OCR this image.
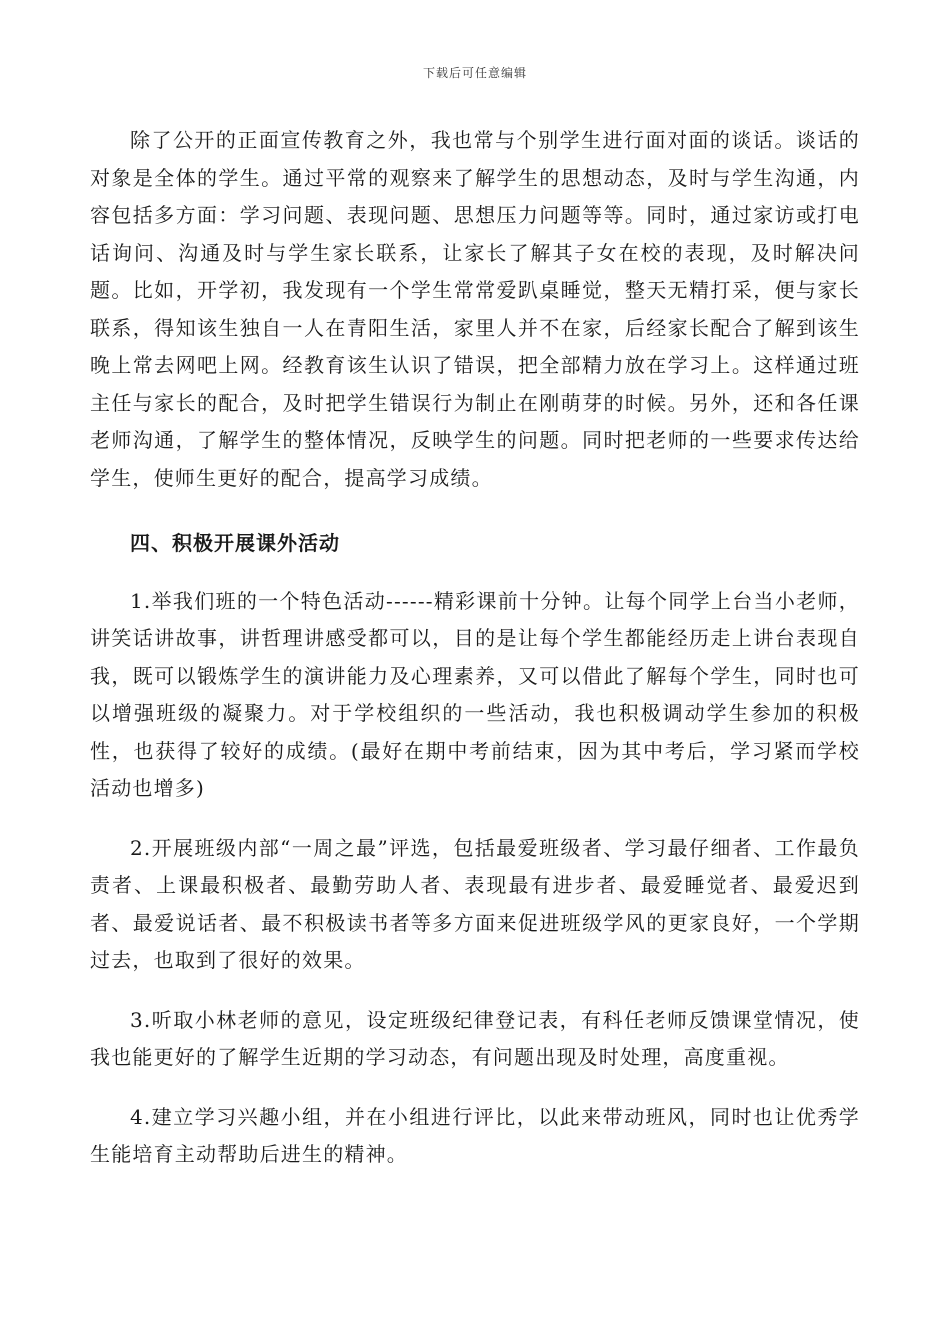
下载后可任意编辑

除了公开的正面宣传教育之外，我也常与个别学生进行面对面的谈话。谈话的对象是全体的学生。通过平常的观察来了解学生的思想动态，及时与学生沟通，内容包括多方面：学习问题、表现问题、思想压力问题等等。同时，通过家访或打电话询问、沟通及时与学生家长联系，让家长了解其子女在校的表现，及时解决问题。比如，开学初，我发现有一个学生常常爱趴桌睡觉，整天无精打采，便与家长联系，得知该生独自一人在青阳生活，家里人并不在家，后经家长配合了解到该生晚上常去网吧上网。经教育该生认识了错误，把全部精力放在学习上。这样通过班主任与家长的配合，及时把学生错误行为制止在刚萌芽的时候。另外，还和各任课老师沟通，了解学生的整体情况，反映学生的问题。同时把老师的一些要求传达给学生，使师生更好的配合，提高学习成绩。

四、积极开展课外活动

1.举我们班的一个特色活动------精彩课前十分钟。让每个同学上台当小老师，讲笑话讲故事，讲哲理讲感受都可以，目的是让每个学生都能经历走上讲台表现自我，既可以锻炼学生的演讲能力及心理素养，又可以借此了解每个学生，同时也可以增强班级的凝聚力。对于学校组织的一些活动，我也积极调动学生参加的积极性，也获得了较好的成绩。(最好在期中考前结束，因为其中考后，学习紧而学校活动也增多)

2.开展班级内部“一周之最”评选，包括最爱班级者、学习最仔细者、工作最负责者、上课最积极者、最勤劳助人者、表现最有进步者、最爱睡觉者、最爱迟到者、最爱说话者、最不积极读书者等多方面来促进班级学风的更家良好，一个学期过去，也取到了很好的效果。

3.听取小林老师的意见，设定班级纪律登记表，有科任老师反馈课堂情况，使我也能更好的了解学生近期的学习动态，有问题出现及时处理，高度重视。

4.建立学习兴趣小组，并在小组进行评比，以此来带动班风，同时也让优秀学生能培育主动帮助后进生的精神。
